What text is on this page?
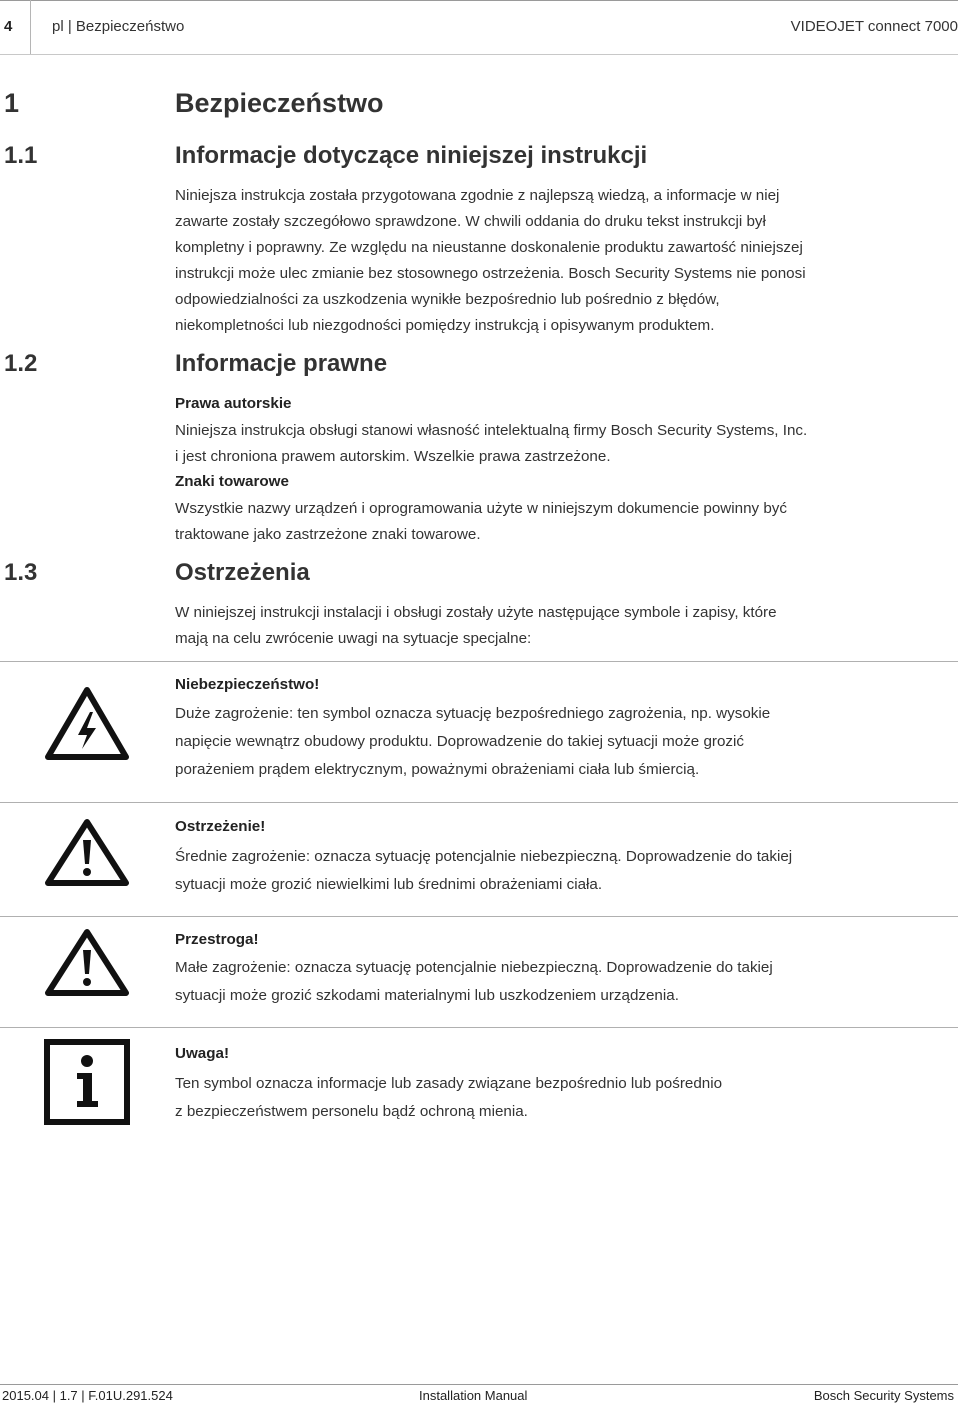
4	pl | Bezpieczeństwo	VIDEOJET connect 7000
1	Bezpieczeństwo
1.1	Informacje dotyczące niniejszej instrukcji
Niniejsza instrukcja została przygotowana zgodnie z najlepszą wiedzą, a informacje w niej
zawarte zostały szczegółowo sprawdzone. W chwili oddania do druku tekst instrukcji był
kompletny i poprawny. Ze względu na nieustanne doskonalenie produktu zawartość niniejszej
instrukcji może ulec zmianie bez stosownego ostrzeżenia. Bosch Security Systems nie ponosi
odpowiedzialności za uszkodzenia wynikłe bezpośrednio lub pośrednio z błędów,
niekompletności lub niezgodności pomiędzy instrukcją i opisywanym produktem.
1.2	Informacje prawne
Prawa autorskie
Niniejsza instrukcja obsługi stanowi własność intelektualną firmy Bosch Security Systems, Inc.
i jest chroniona prawem autorskim. Wszelkie prawa zastrzeżone.
Znaki towarowe
Wszystkie nazwy urządzeń i oprogramowania użyte w niniejszym dokumencie powinny być
traktowane jako zastrzeżone znaki towarowe.
1.3	Ostrzeżenia
W niniejszej instrukcji instalacji i obsługi zostały użyte następujące symbole i zapisy, które
mają na celu zwrócenie uwagi na sytuacje specjalne:
Niebezpieczeństwo!
Duże zagrożenie: ten symbol oznacza sytuację bezpośredniego zagrożenia, np. wysokie
napięcie wewnątrz obudowy produktu. Doprowadzenie do takiej sytuacji może grozić
porażeniem prądem elektrycznym, poważnymi obrażeniami ciała lub śmiercią.
Ostrzeżenie!
Średnie zagrożenie: oznacza sytuację potencjalnie niebezpieczną. Doprowadzenie do takiej
sytuacji może grozić niewielkimi lub średnimi obrażeniami ciała.
Przestroga!
Małe zagrożenie: oznacza sytuację potencjalnie niebezpieczną. Doprowadzenie do takiej
sytuacji może grozić szkodami materialnymi lub uszkodzeniem urządzenia.
Uwaga!
Ten symbol oznacza informacje lub zasady związane bezpośrednio lub pośrednio
z bezpieczeństwem personelu bądź ochroną mienia.
2015.04 | 1.7 | F.01U.291.524	Installation Manual	Bosch Security Systems
